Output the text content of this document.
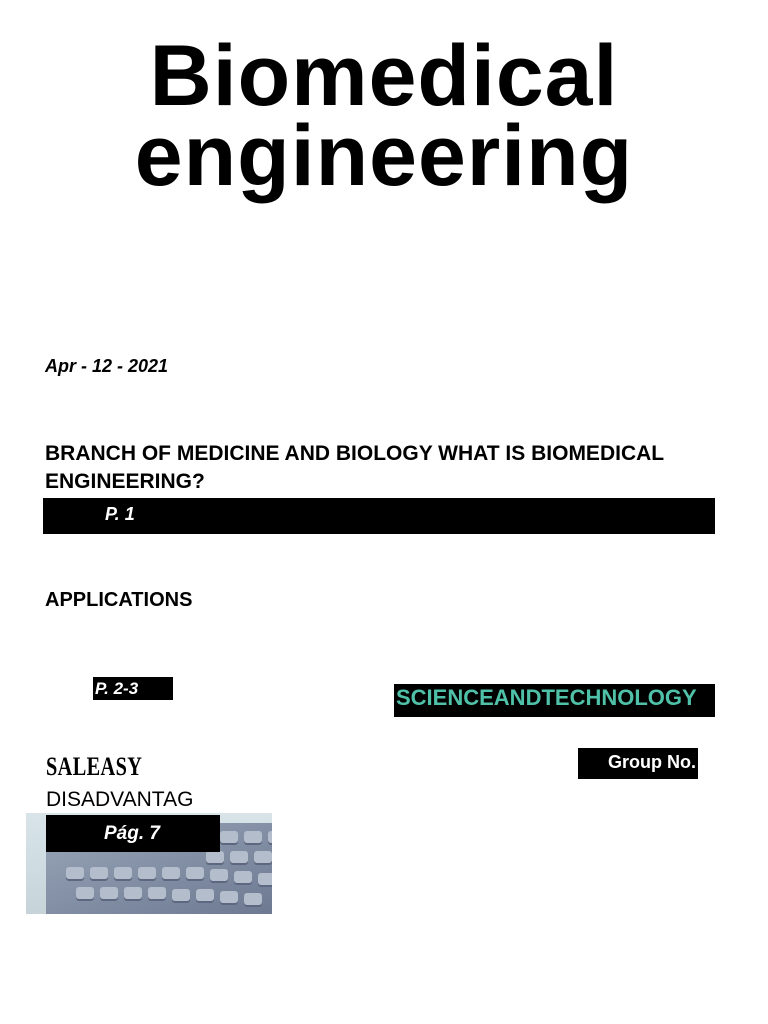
Biomedical
engineering
Apr - 12 - 2021
BRANCH OF MEDICINE AND BIOLOGY WHAT IS BIOMEDICAL ENGINEERING?
P. 1
APPLICATIONS
P. 2-3	SCIENCEANDTECHNOLOGY
Group No.
SALEASY
DISADVANTAG
Pág. 7
